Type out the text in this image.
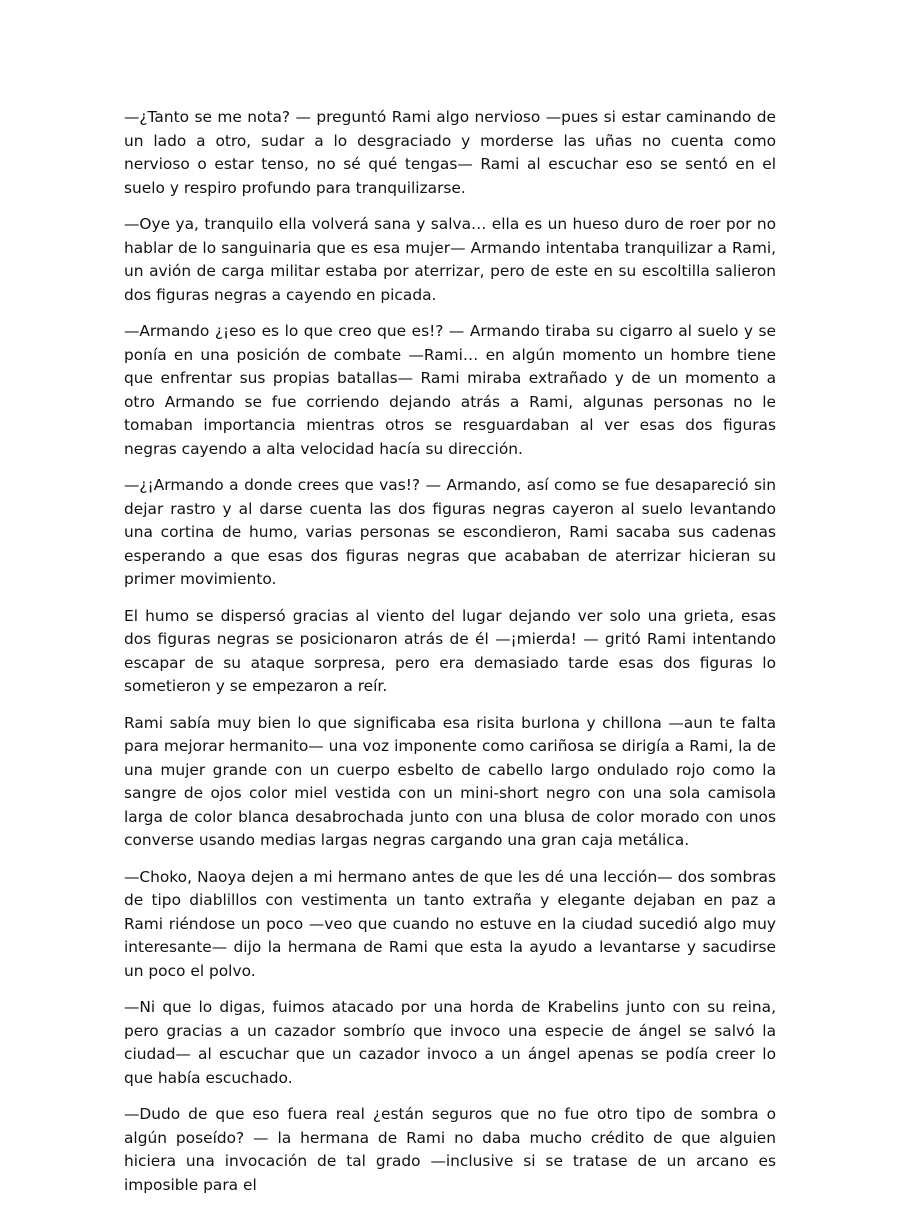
—¿Tanto se me nota? — preguntó Rami algo nervioso —pues si estar caminando de un lado a otro, sudar a lo desgraciado y morderse las uñas no cuenta como nervioso o estar tenso, no sé qué tengas— Rami al escuchar eso se sentó en el suelo y respiro profundo para tranquilizarse.

—Oye ya, tranquilo ella volverá sana y salva… ella es un hueso duro de roer por no hablar de lo sanguinaria que es esa mujer— Armando intentaba tranquilizar a Rami, un avión de carga militar estaba por aterrizar, pero de este en su escoltilla salieron dos figuras negras a cayendo en picada.

—Armando ¿¡eso es lo que creo que es!? — Armando tiraba su cigarro al suelo y se ponía en una posición de combate —Rami… en algún momento un hombre tiene que enfrentar sus propias batallas— Rami miraba extrañado y de un momento a otro Armando se fue corriendo dejando atrás a Rami, algunas personas no le tomaban importancia mientras otros se resguardaban al ver esas dos figuras negras cayendo a alta velocidad hacía su dirección.

—¿¡Armando a donde crees que vas!? — Armando, así como se fue desapareció sin dejar rastro y al darse cuenta las dos figuras negras cayeron al suelo levantando una cortina de humo, varias personas se escondieron, Rami sacaba sus cadenas esperando a que esas dos figuras negras que acababan de aterrizar hicieran su primer movimiento.

El humo se dispersó gracias al viento del lugar dejando ver solo una grieta, esas dos figuras negras se posicionaron atrás de él —¡mierda! — gritó Rami intentando escapar de su ataque sorpresa, pero era demasiado tarde esas dos figuras lo sometieron y se empezaron a reír.

Rami sabía muy bien lo que significaba esa risita burlona y chillona —aun te falta para mejorar hermanito— una voz imponente como cariñosa se dirigía a Rami, la de una mujer grande con un cuerpo esbelto de cabello largo ondulado rojo como la sangre de ojos color miel vestida con un mini-short negro con una sola camisola larga de color blanca desabrochada junto con una blusa de color morado con unos converse usando medias largas negras cargando una gran caja metálica.

—Choko, Naoya dejen a mi hermano antes de que les dé una lección— dos sombras de tipo diablillos con vestimenta un tanto extraña y elegante dejaban en paz a Rami riéndose un poco —veo que cuando no estuve en la ciudad sucedió algo muy interesante— dijo la hermana de Rami que esta la ayudo a levantarse y sacudirse un poco el polvo.

—Ni que lo digas, fuimos atacado por una horda de Krabelins junto con su reina, pero gracias a un cazador sombrío que invoco una especie de ángel se salvó la ciudad— al escuchar que un cazador invoco a un ángel apenas se podía creer lo que había escuchado.

—Dudo de que eso fuera real ¿están seguros que no fue otro tipo de sombra o algún poseído? — la hermana de Rami no daba mucho crédito de que alguien hiciera una invocación de tal grado —inclusive si se tratase de un arcano es imposible para el
